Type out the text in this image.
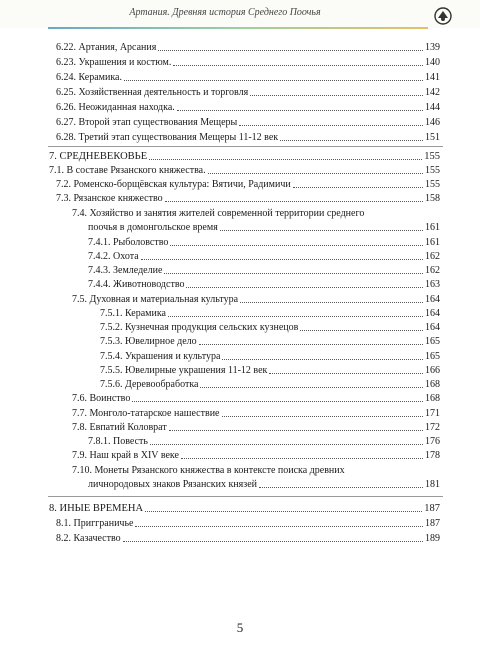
Артания. Древняя история Среднего Поочья
6.22. Артания, Арсания	139
6.23. Украшения и костюм.	140
6.24. Керамика.	141
6.25. Хозяйственная деятельность и торговля	142
6.26. Неожиданная находка.	144
6.27. Второй этап существования Мещеры	146
6.28. Третий этап существования Мещеры 11-12 век	151
7. СРЕДНЕВЕКОВЬЕ	155
7.1. В составе Рязанского княжества.	155
7.2. Роменско-борщёвская культура: Вятичи, Радимичи	155
7.3. Рязанское княжество	158
7.4. Хозяйство и занятия жителей современной территории среднего
поочья в домонгольское время	161
7.4.1. Рыболовство	161
7.4.2. Охота	162
7.4.3. Земледелие	162
7.4.4. Животноводство	163
7.5. Духовная и материальная культура	164
7.5.1. Керамика	164
7.5.2. Кузнечная продукция сельских кузнецов	164
7.5.3. Ювелирное дело	165
7.5.4. Украшения и культура	165
7.5.5. Ювелирные украшения 11-12 век	166
7.5.6. Деревообработка	168
7.6. Воинство	168
7.7. Монголо-татарское нашествие	171
7.8. Евпатий Коловрат	172
7.8.1. Повесть	176
7.9. Наш край в XIV веке	178
7.10. Монеты Рязанского княжества в контексте поиска древних
личнородовых знаков Рязанских князей	181
8. ИНЫЕ ВРЕМЕНА	187
8.1. Пригграничье	187
8.2. Казачество	189
5
